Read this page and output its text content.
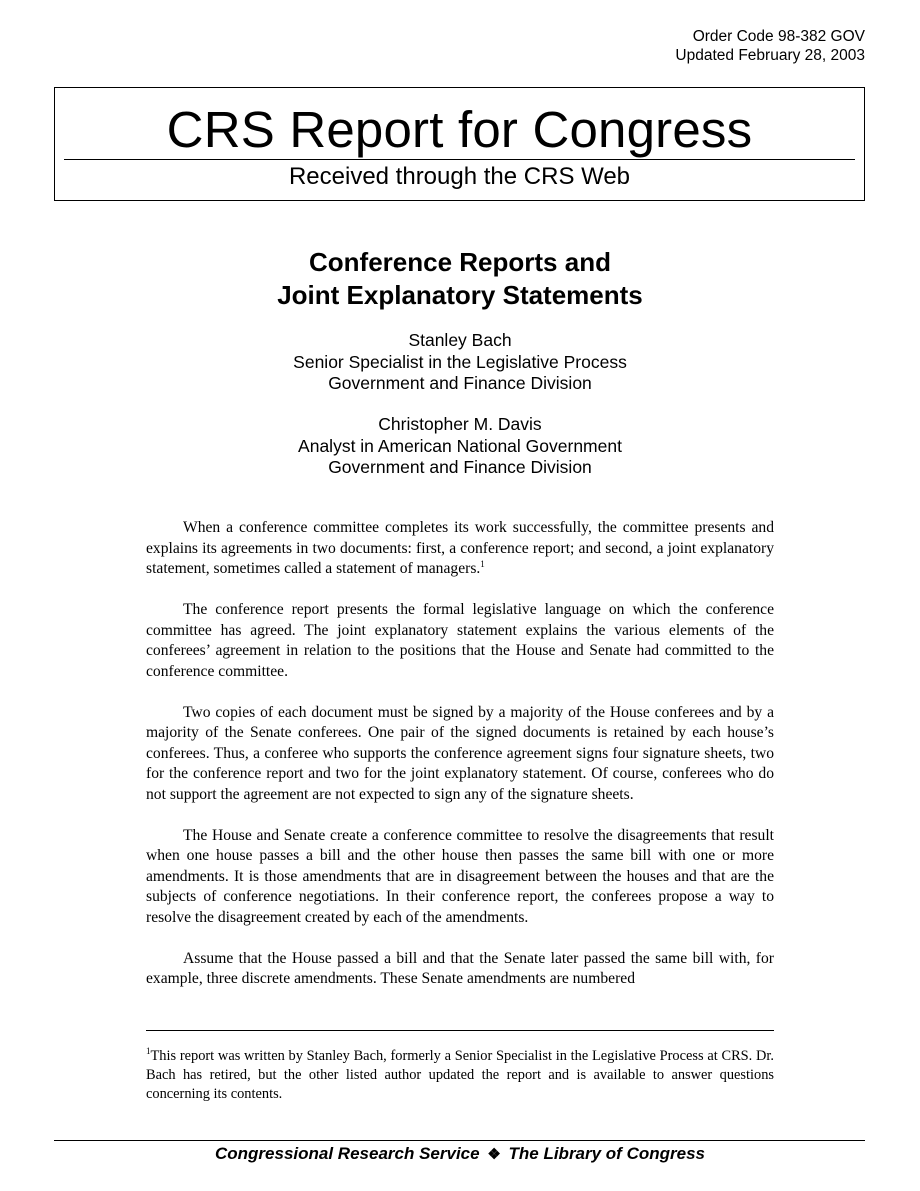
Order Code 98-382 GOV
Updated February 28, 2003
CRS Report for Congress
Received through the CRS Web
Conference Reports and
Joint Explanatory Statements
Stanley Bach
Senior Specialist in the Legislative Process
Government and Finance Division
Christopher M. Davis
Analyst in American National Government
Government and Finance Division

When a conference committee completes its work successfully, the committee presents and explains its agreements in two documents: first, a conference report; and second, a joint explanatory statement, sometimes called a statement of managers.$^1$

The conference report presents the formal legislative language on which the conference committee has agreed. The joint explanatory statement explains the various elements of the conferees’ agreement in relation to the positions that the House and Senate had committed to the conference committee.

Two copies of each document must be signed by a majority of the House conferees and by a majority of the Senate conferees. One pair of the signed documents is retained by each house’s conferees. Thus, a conferee who supports the conference agreement signs four signature sheets, two for the conference report and two for the joint explanatory statement. Of course, conferees who do not support the agreement are not expected to sign any of the signature sheets.

The House and Senate create a conference committee to resolve the disagreements that result when one house passes a bill and the other house then passes the same bill with one or more amendments. It is those amendments that are in disagreement between the houses and that are the subjects of conference negotiations. In their conference report, the conferees propose a way to resolve the disagreement created by each of the amendments.

Assume that the House passed a bill and that the Senate later passed the same bill with, for example, three discrete amendments. These Senate amendments are numbered

$^1$This report was written by Stanley Bach, formerly a Senior Specialist in the Legislative Process at CRS. Dr. Bach has retired, but the other listed author updated the report and is available to answer questions concerning its contents.
Congressional Research Service ❖ The Library of Congress
